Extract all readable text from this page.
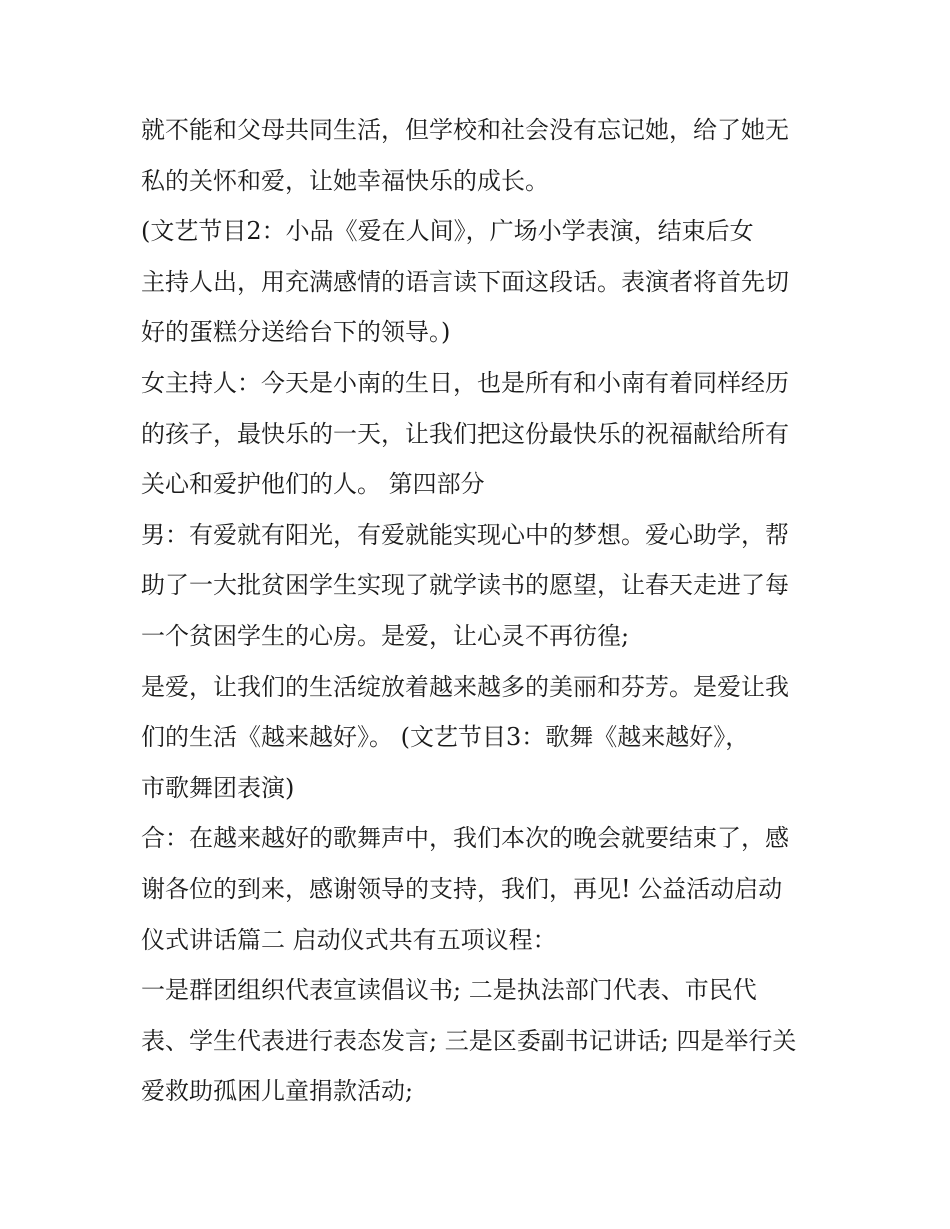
就不能和父母共同生活，但学校和社会没有忘记她，给了她无
私的关怀和爱，让她幸福快乐的成长。
(文艺节目2：小品《爱在人间》，广场小学表演，结束后女
主持人出，用充满感情的语言读下面这段话。表演者将首先切
好的蛋糕分送给台下的领导。)
女主持人：今天是小南的生日，也是所有和小南有着同样经历
的孩子，最快乐的一天，让我们把这份最快乐的祝福献给所有
关心和爱护他们的人。 第四部分
男：有爱就有阳光，有爱就能实现心中的梦想。爱心助学，帮
助了一大批贫困学生实现了就学读书的愿望，让春天走进了每
一个贫困学生的心房。是爱，让心灵不再彷徨;
是爱，让我们的生活绽放着越来越多的美丽和芬芳。是爱让我
们的生活《越来越好》。 (文艺节目3：歌舞《越来越好》，
市歌舞团表演)
合：在越来越好的歌舞声中，我们本次的晚会就要结束了，感
谢各位的到来，感谢领导的支持，我们，再见! 公益活动启动
仪式讲话篇二 启动仪式共有五项议程：
一是群团组织代表宣读倡议书; 二是执法部门代表、市民代
表、学生代表进行表态发言; 三是区委副书记讲话; 四是举行关
爱救助孤困儿童捐款活动;
